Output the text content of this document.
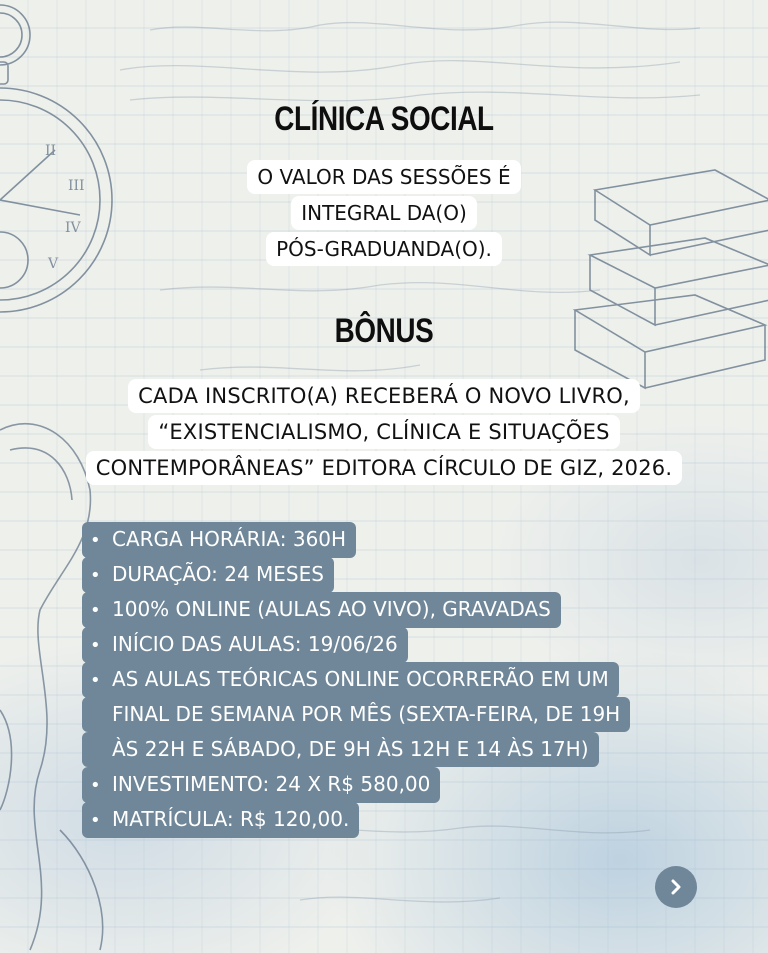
II
III
IV
V
CLÍNICA SOCIAL
O VALOR DAS SESSÕES É
INTEGRAL DA(O)
PÓS-GRADUANDA(O).
BÔNUS
CADA INSCRITO(A) RECEBERÁ O NOVO LIVRO,
“EXISTENCIALISMO, CLÍNICA E SITUAÇÕES
CONTEMPORÂNEAS” EDITORA CÍRCULO DE GIZ, 2026.
• CARGA HORÁRIA: 360H
• DURAÇÃO: 24 MESES
• 100% ONLINE (AULAS AO VIVO), GRAVADAS
• INÍCIO DAS AULAS: 19/06/26
• AS AULAS TEÓRICAS ONLINE OCORRERÃO EM UM
FINAL DE SEMANA POR MÊS (SEXTA-FEIRA, DE 19H
ÀS 22H E SÁBADO, DE 9H ÀS 12H E 14 ÀS 17H)
• INVESTIMENTO: 24 X R$ 580,00
• MATRÍCULA: R$ 120,00.
